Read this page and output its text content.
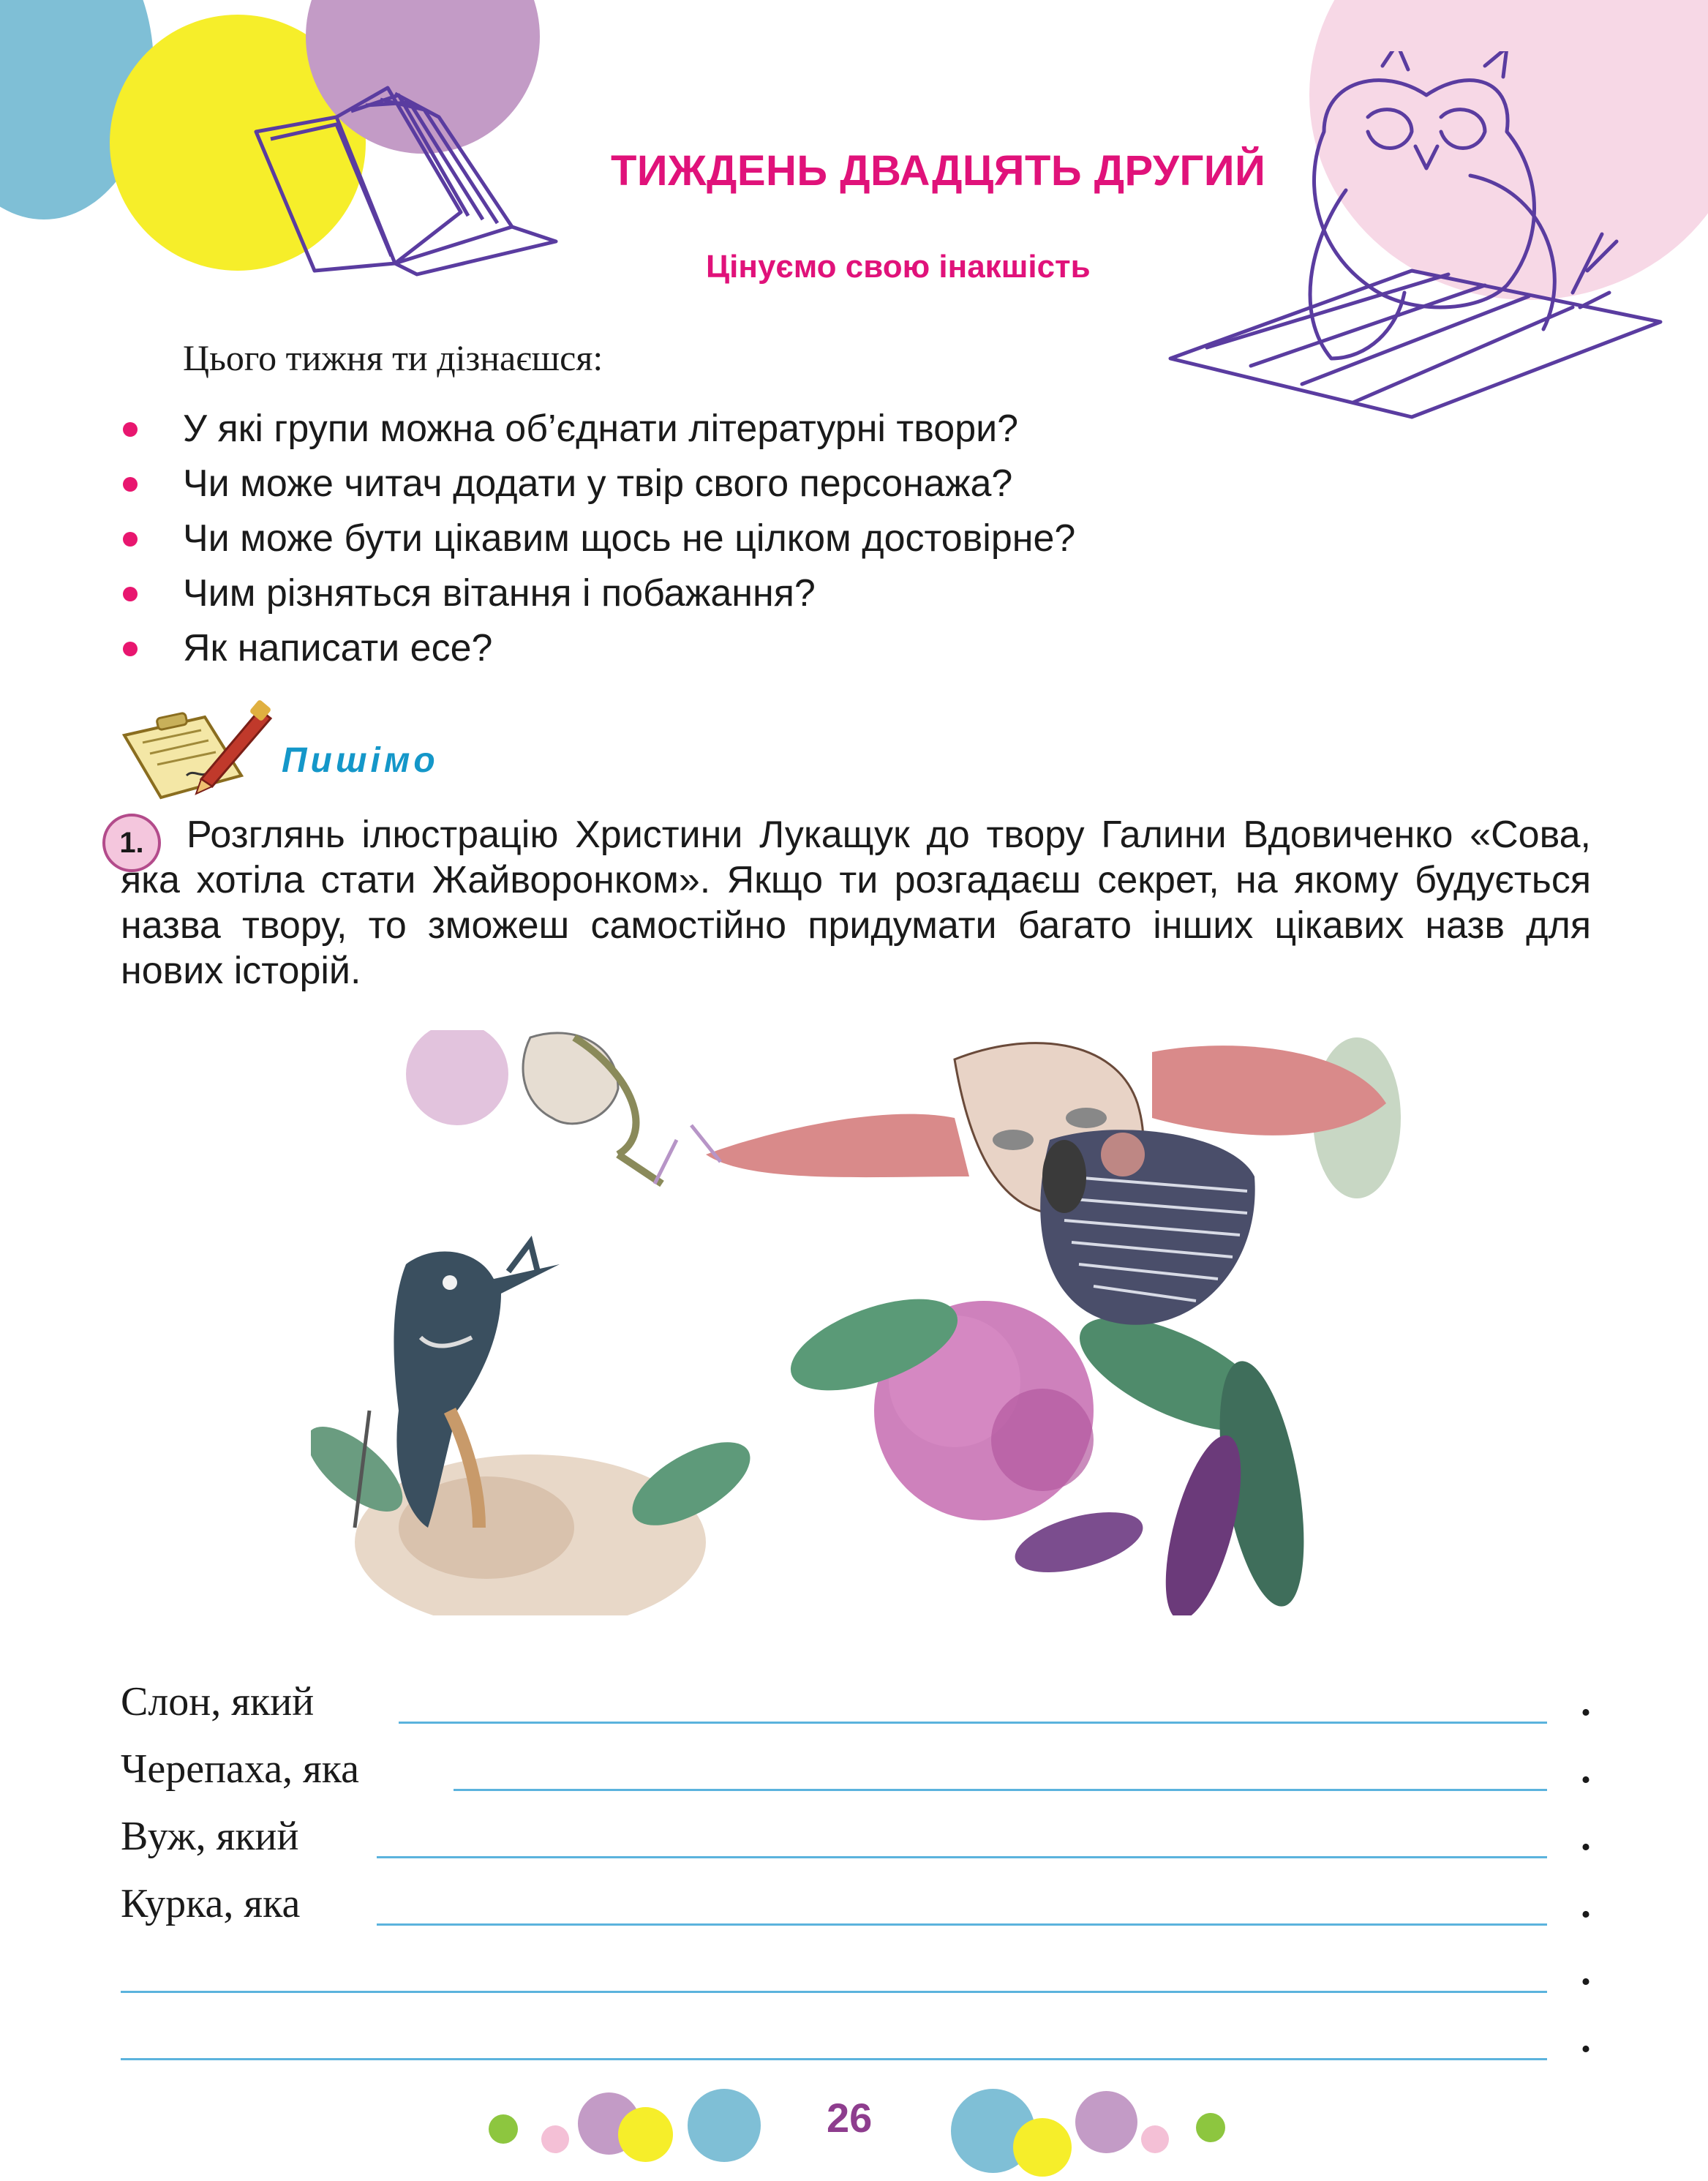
ТИЖДЕНЬ ДВАДЦЯТЬ ДРУГИЙ
Цінуємо свою інакшість
Цього тижня ти дізнаєшся:
У які групи можна об’єднати літературні твори?
Чи може читач додати у твір свого персонажа?
Чи може бути цікавим щось не цілком достовірне?
Чим різняться вітання і побажання?
Як написати есе?
Пишімо
1.	Розглянь ілюстрацію Христини Лукащук до твору Галини Вдовиченко «Сова, яка хотіла стати Жайворонком». Якщо ти розгадаєш секрет, на якому будується назва твору, то зможеш самостійно придумати багато інших цікавих назв для нових історій.
Слон, який	.
Черепаха, яка	.
Вуж, який	.
Курка, яка	.
.
.
26
